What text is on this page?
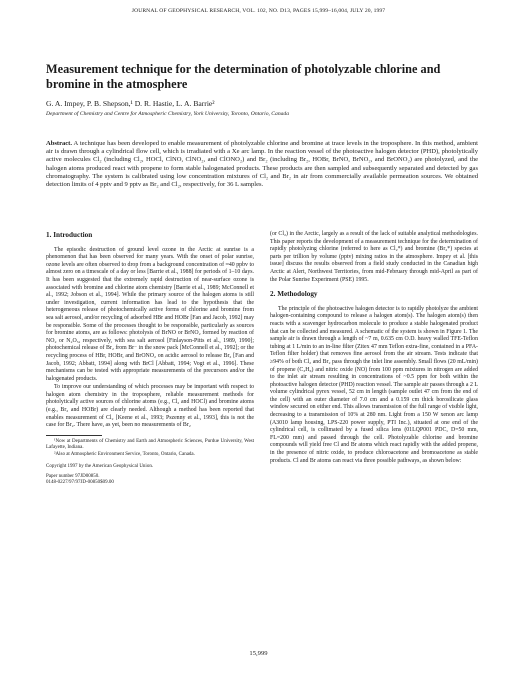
JOURNAL OF GEOPHYSICAL RESEARCH, VOL. 102, NO. D13, PAGES 15,999–16,004, JULY 20, 1997
Measurement technique for the determination of photolyzable chlorine and bromine in the atmosphere
G. A. Impey, P. B. Shepson,¹ D. R. Hastie, L. A. Barrie²
Department of Chemistry and Centre for Atmospheric Chemistry, York University, Toronto, Ontario, Canada

Abstract. A technique has been developed to enable measurement of photolyzable chlorine and bromine at trace levels in the troposphere. In this method, ambient air is drawn through a cylindrical flow cell, which is irradiated with a Xe arc lamp. In the reaction vessel of the photoactive halogen detector (PHD), photolytically active molecules Cl₂ (including Cl₂, HOCl, ClNO, ClNO₂, and ClONO₂) and Br₂ (including Br₂, HOBr, BrNO, BrNO₂, and BrONO₂) are photolyzed, and the halogen atoms produced react with propene to form stable halogenated products. These products are then sampled and subsequently separated and detected by gas chromatography. The system is calibrated using low concentration mixtures of Cl₂ and Br₂ in air from commercially available permeation sources. We obtained detection limits of 4 pptv and 9 pptv as Br₂ and Cl₂, respectively, for 36 L samples.

1. Introduction

The episodic destruction of ground level ozone in the Arctic at sunrise is a phenomenon that has been observed for many years. With the onset of polar sunrise, ozone levels are often observed to drop from a background concentration of ≈40 ppbv to almost zero on a timescale of a day or less [Barrie et al., 1988] for periods of 1–10 days. It has been suggested that the extremely rapid destruction of near-surface ozone is associated with bromine and chlorine atom chemistry [Barrie et al., 1989; McConnell et al., 1992; Jobson et al., 1994]. While the primary source of the halogen atoms is still under investigation, current information has lead to the hypothesis that the heterogeneous release of photochemically active forms of chlorine and bromine from sea salt aerosol, and/or recycling of adsorbed HBr and HOBr [Fan and Jacob, 1992] may be responsible. Some of the processes thought to be responsible, particularly as sources for bromine atoms, are as follows: photolysis of BrNO or BrNO₂ formed by reaction of NO₂ or N₂O₅, respectively, with sea salt aerosol [Finlayson-Pitts et al., 1989, 1990]; photochemical release of Br₂ from Br⁻ in the snow pack [McConnell et al., 1992]; or the recycling process of HBr, HOBr, and BrONO₂ on acidic aerosol to release Br₂ [Fan and Jacob, 1992; Abbatt, 1994] along with BrCl [Abbatt, 1994; Vogt et al., 1996]. These mechanisms can be tested with appropriate measurements of the precursors and/or the halogenated products.

To improve our understanding of which processes may be important with respect to halogen atom chemistry in the troposphere, reliable measurement methods for photolytically active sources of chlorine atoms (e.g., Cl₂ and HOCl) and bromine atoms (e.g., Br₂ and HOBr) are clearly needed. Although a method has been reported that enables measurement of Cl₂ [Keene et al., 1993; Pszenny et al., 1993], this is not the case for Br₂. There have, as yet, been no measurements of Br₂

¹Now at Departments of Chemistry and Earth and Atmospheric Sciences, Purdue University, West Lafayette, Indiana.

²Also at Atmospheric Environment Service, Toronto, Ontario, Canada.

Copyright 1997 by the American Geophysical Union.
Paper number 97JD00850.
0148-0227/97/97JD-00850$09.00

(or Cl₂) in the Arctic, largely as a result of the lack of suitable analytical methodologies. This paper reports the development of a measurement technique for the determination of rapidly photolyzing chlorine (referred to here as Cl₂*) and bromine (Br₂*) species at parts per trillion by volume (pptv) mixing ratios in the atmosphere. Impey et al. [this issue] discuss the results observed from a field study conducted in the Canadian high Arctic at Alert, Northwest Territories, from mid-February through mid-April as part of the Polar Sunrise Experiment (PSE) 1995.

2. Methodology

The principle of the photoactive halogen detector is to rapidly photolyze the ambient halogen-containing compound to release a halogen atom(s). The halogen atom(s) then reacts with a scavenger hydrocarbon molecule to produce a stable halogenated product that can be collected and measured. A schematic of the system is shown in Figure 1. The sample air is drawn through a length of ~7 m, 0.635 cm O.D. heavy walled TFE-Teflon tubing at 1 L/min to an in-line filter (Zitex 47 mm Teflon extra-fine, contained in a PFA-Teflon filter holder) that removes fine aerosol from the air stream. Tests indicate that ≥94% of both Cl₂ and Br₂ pass through the inlet line assembly. Small flows (20 mL/min) of propene (C₃H₆) and nitric oxide (NO) from 100 ppm mixtures in nitrogen are added to the inlet air stream resulting in concentrations of ~0.5 ppm for both within the photoactive halogen detector (PHD) reaction vessel. The sample air passes through a 2 L volume cylindrical pyrex vessel, 52 cm in length (sample outlet 47 cm from the end of the cell) with an outer diameter of 7.0 cm and a 0.159 cm thick borosilicate glass window secured on either end. This allows transmission of the full range of visible light, decreasing to a transmission of 10% at 280 nm. Light from a 150 W xenon arc lamp (A3010 lamp housing, LPS-220 power supply, PTI Inc.), situated at one end of the cylindrical cell, is collimated by a fused silica lens (01LQP001 PDC, D=50 mm, FL=200 mm) and passed through the cell. Photolyzable chlorine and bromine compounds will yield free Cl and Br atoms which react rapidly with the added propene, in the presence of nitric oxide, to produce chloroacetone and bromoacetone as stable products. Cl and Br atoms can react via three possible pathways, as shown below:

15,999
